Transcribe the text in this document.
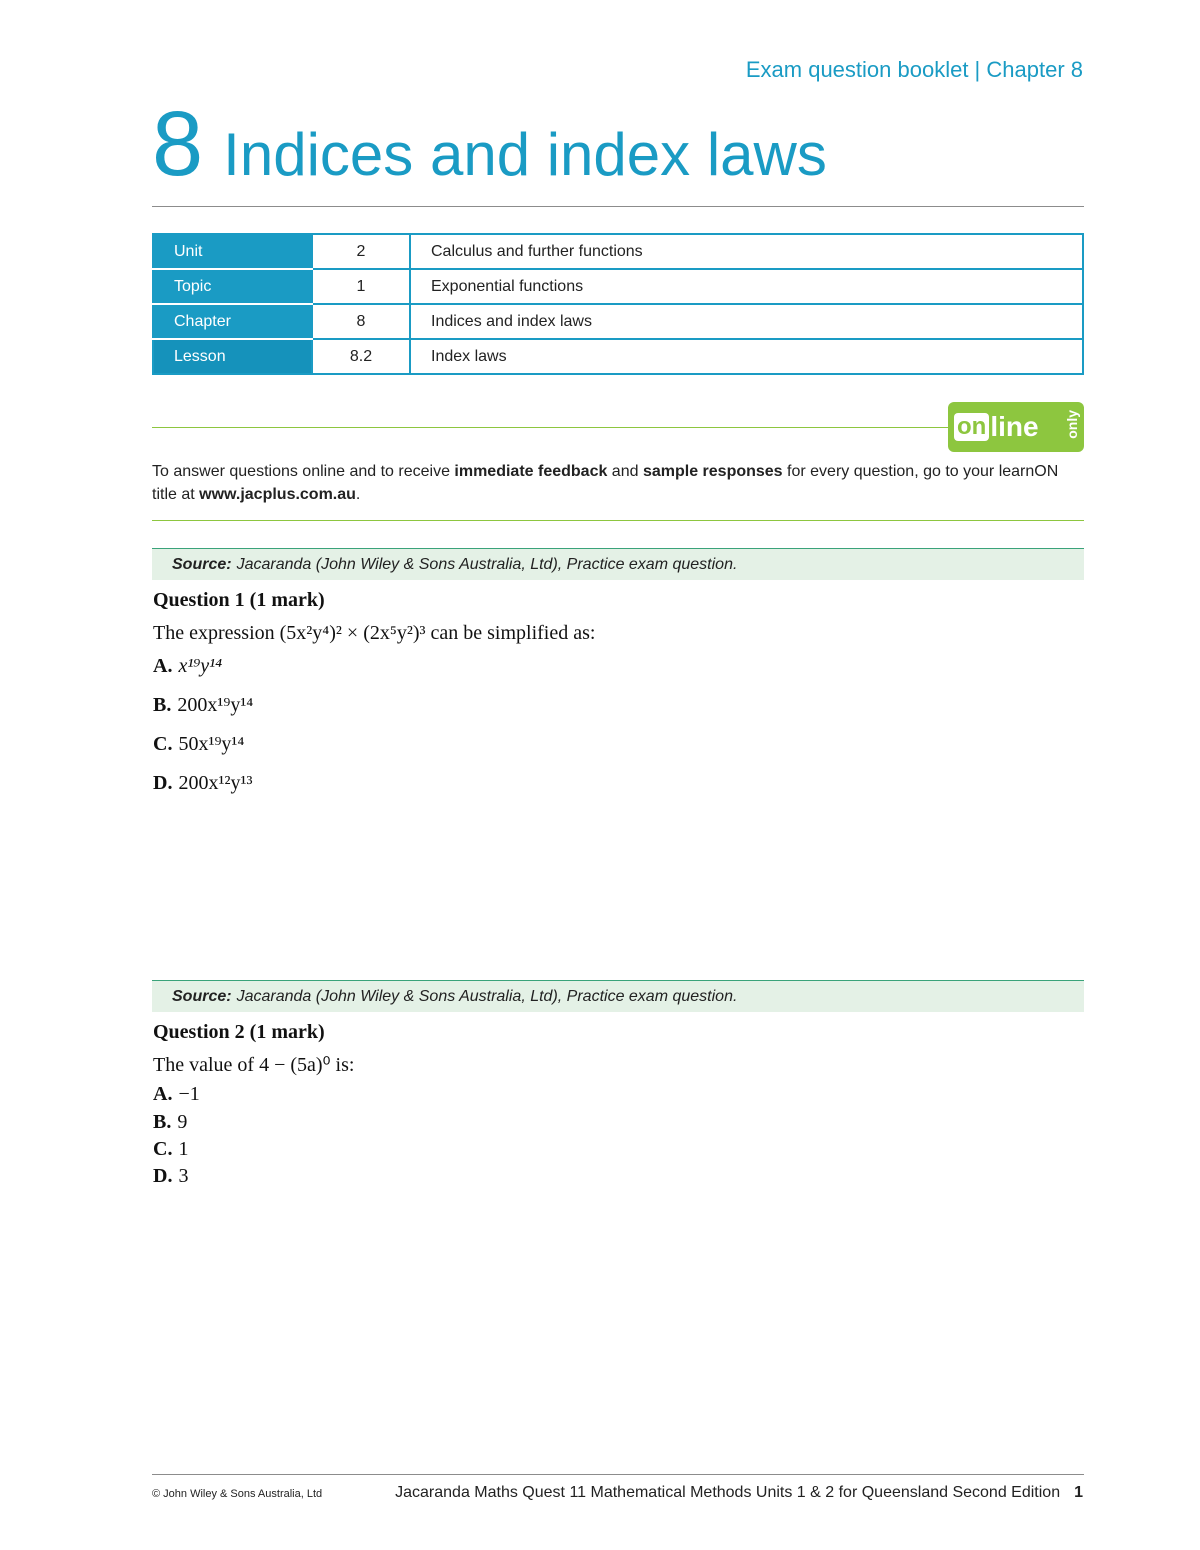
Exam question booklet | Chapter 8
8 Indices and index laws
Unit	2	Calculus and further functions
Topic	1	Exponential functions
Chapter	8	Indices and index laws
Lesson	8.2	Index laws
on line only
To answer questions online and to receive immediate feedback and sample responses for every question, go to your learnON title at www.jacplus.com.au.
Source: Jacaranda (John Wiley & Sons Australia, Ltd), Practice exam question.
Question 1 (1 mark)
The expression (5x²y⁴)² × (2x⁵y²)³ can be simplified as:
A. x¹⁹y¹⁴
B. 200x¹⁹y¹⁴
C. 50x¹⁹y¹⁴
D. 200x¹²y¹³
Source: Jacaranda (John Wiley & Sons Australia, Ltd), Practice exam question.
Question 2 (1 mark)
The value of 4 − (5a)⁰ is:
A. −1
B. 9
C. 1
D. 3
© John Wiley & Sons Australia, Ltd	Jacaranda Maths Quest 11 Mathematical Methods Units 1 & 2 for Queensland Second Edition 1
